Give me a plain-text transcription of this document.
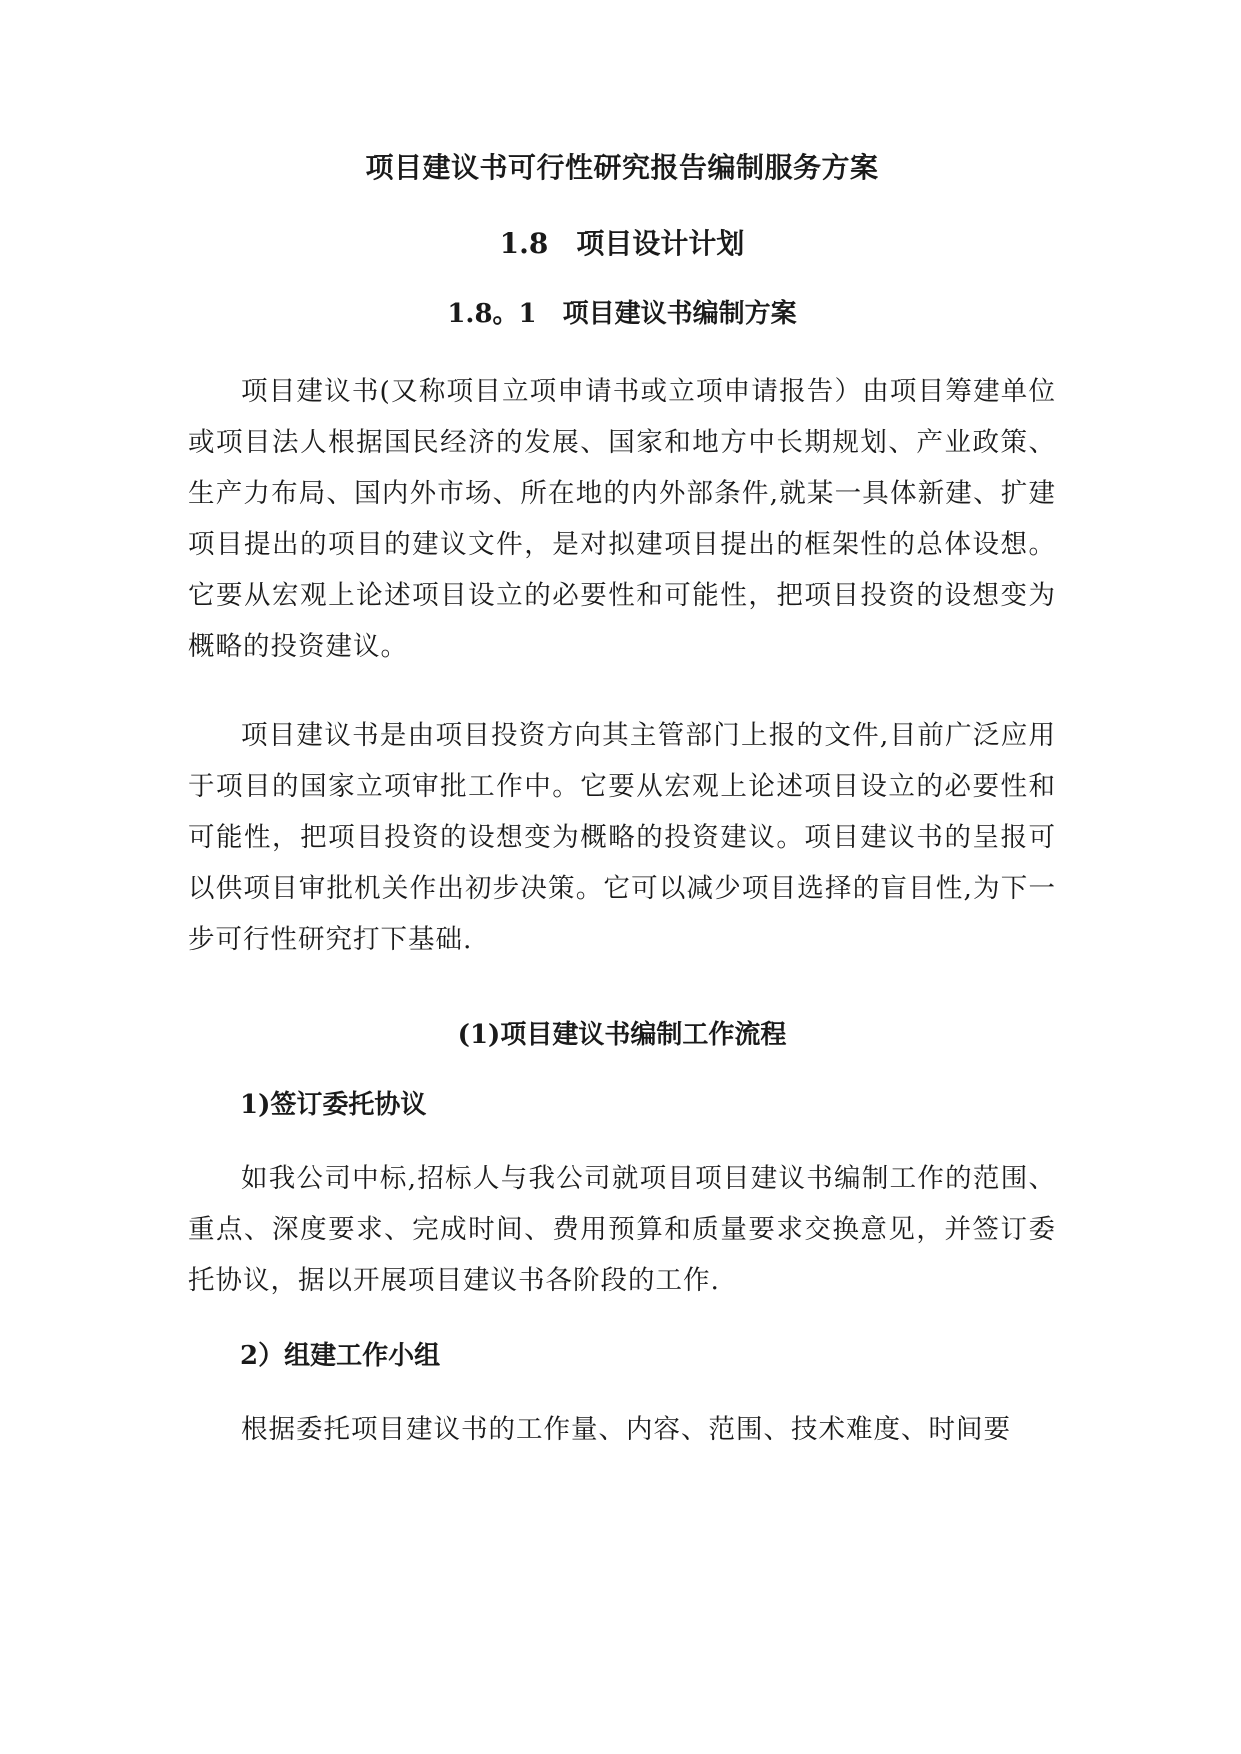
项目建议书可行性研究报告编制服务方案
1.8　项目设计计划
1.8。1　项目建议书编制方案

项目建议书(又称项目立项申请书或立项申请报告）由项目筹建单位或项目法人根据国民经济的发展、国家和地方中长期规划、产业政策、生产力布局、国内外市场、所在地的内外部条件,就某一具体新建、扩建项目提出的项目的建议文件，是对拟建项目提出的框架性的总体设想。它要从宏观上论述项目设立的必要性和可能性，把项目投资的设想变为概略的投资建议。

项目建议书是由项目投资方向其主管部门上报的文件,目前广泛应用于项目的国家立项审批工作中。它要从宏观上论述项目设立的必要性和可能性，把项目投资的设想变为概略的投资建议。项目建议书的呈报可以供项目审批机关作出初步决策。它可以减少项目选择的盲目性,为下一步可行性研究打下基础.

(1)项目建议书编制工作流程
1)签订委托协议

如我公司中标,招标人与我公司就项目项目建议书编制工作的范围、重点、深度要求、完成时间、费用预算和质量要求交换意见，并签订委托协议，据以开展项目建议书各阶段的工作.

2）组建工作小组

根据委托项目建议书的工作量、内容、范围、技术难度、时间要
